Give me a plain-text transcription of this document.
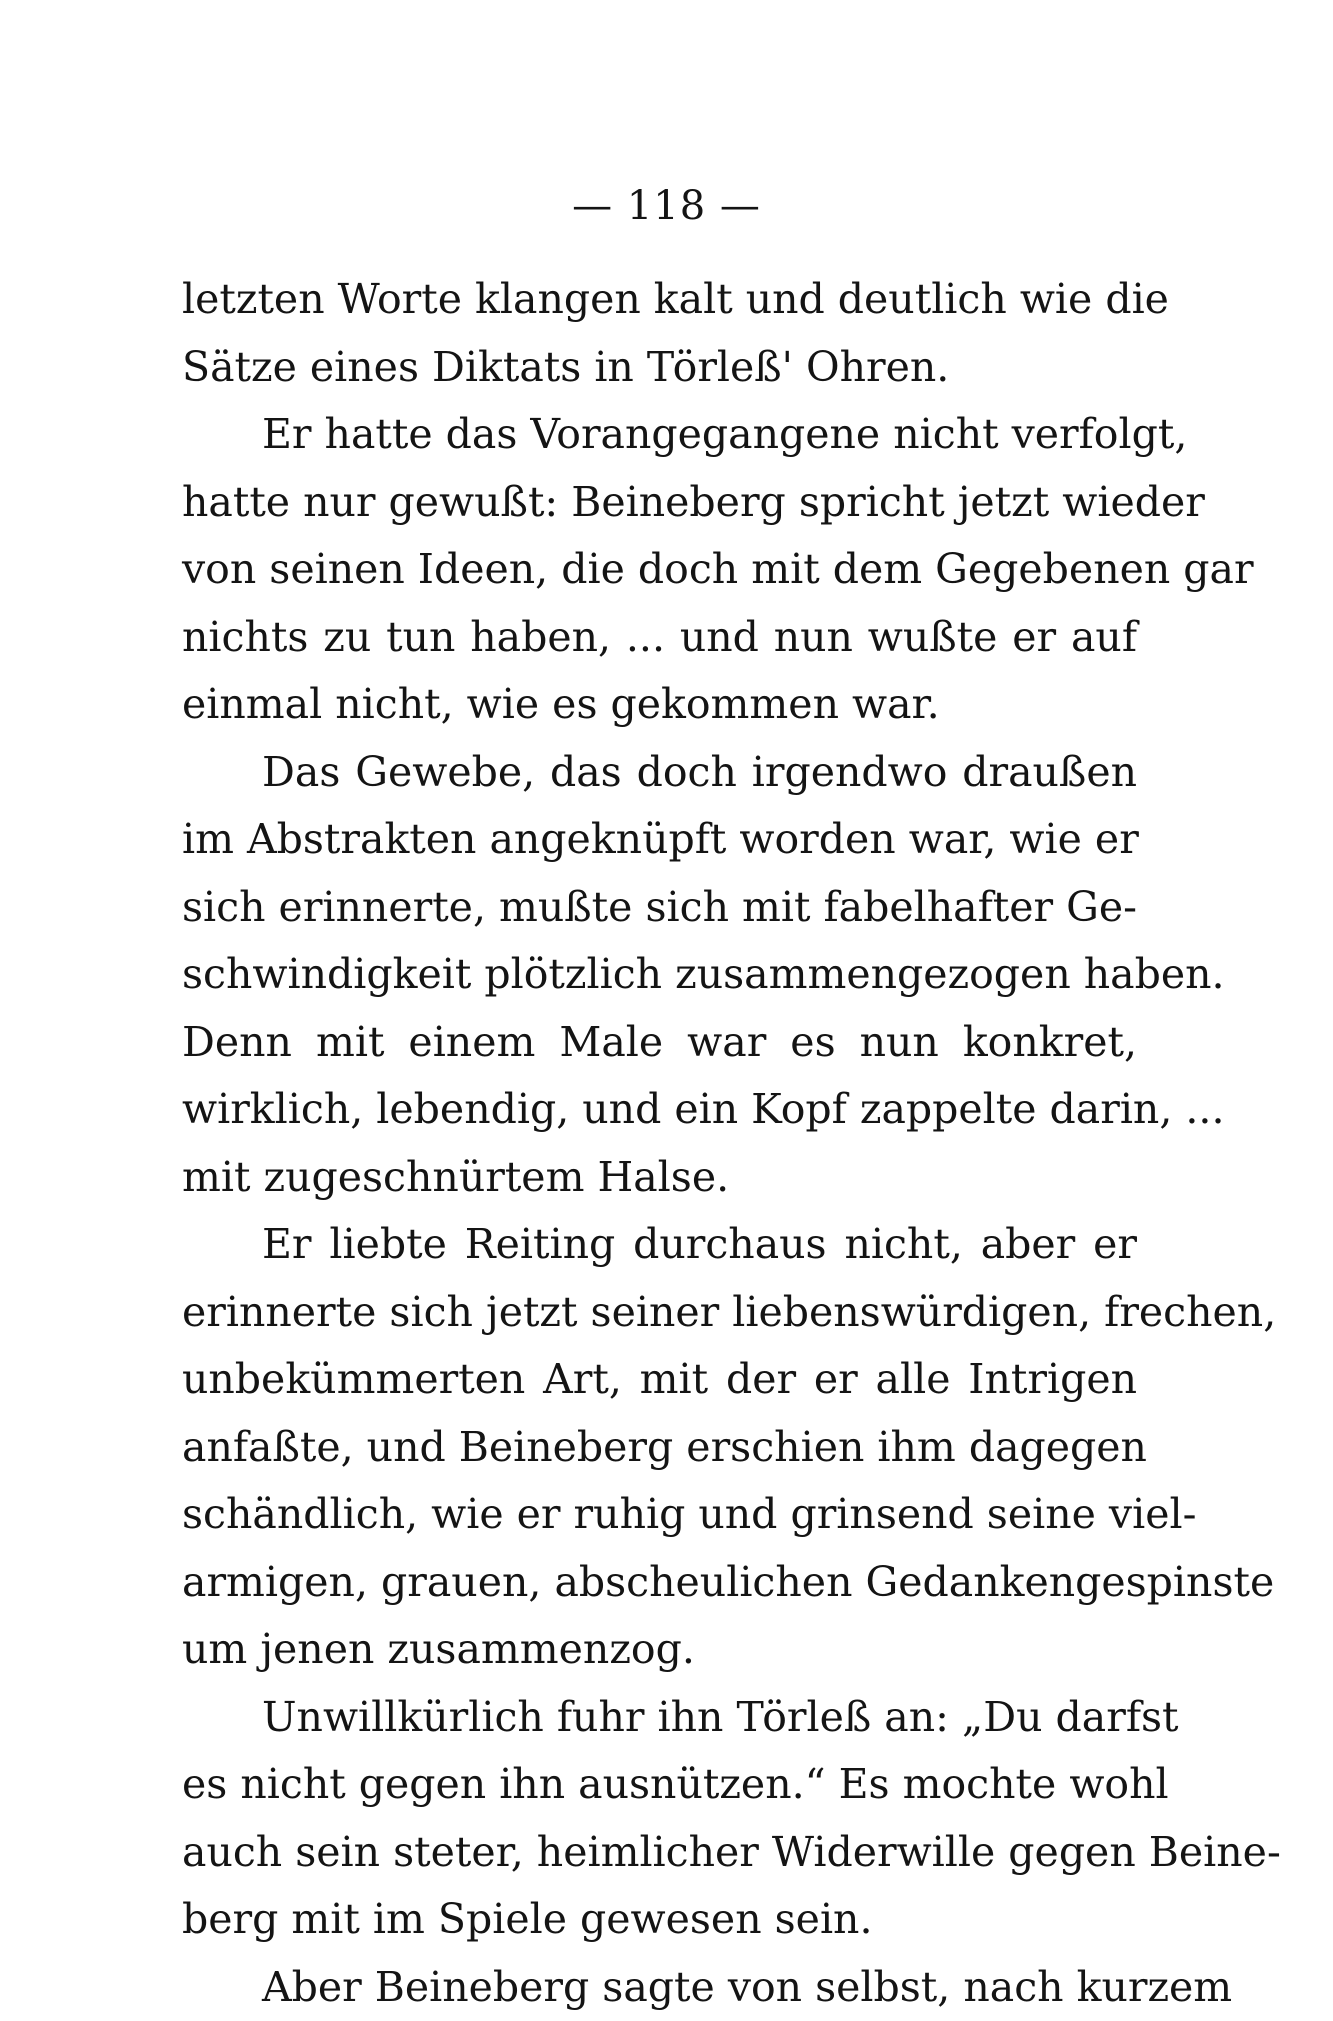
— 118 —
letzten Worte klangen kalt und deutlich wie die
Sätze eines Diktats in Törleß' Ohren.
Er hatte das Vorangegangene nicht verfolgt,
hatte nur gewußt: Beineberg spricht jetzt wieder
von seinen Ideen, die doch mit dem Gegebenen gar
nichts zu tun haben, ... und nun wußte er auf
einmal nicht, wie es gekommen war.
Das Gewebe, das doch irgendwo draußen
im Abstrakten angeknüpft worden war, wie er
sich erinnerte, mußte sich mit fabelhafter Ge-
schwindigkeit plötzlich zusammengezogen haben.
Denn mit einem Male war es nun konkret,
wirklich, lebendig, und ein Kopf zappelte darin, ...
mit zugeschnürtem Halse.
Er liebte Reiting durchaus nicht, aber er
erinnerte sich jetzt seiner liebenswürdigen, frechen,
unbekümmerten Art, mit der er alle Intrigen
anfaßte, und Beineberg erschien ihm dagegen
schändlich, wie er ruhig und grinsend seine viel-
armigen, grauen, abscheulichen Gedankengespinste
um jenen zusammenzog.
Unwillkürlich fuhr ihn Törleß an: „Du darfst
es nicht gegen ihn ausnützen.“ Es mochte wohl
auch sein steter, heimlicher Widerwille gegen Beine-
berg mit im Spiele gewesen sein.
Aber Beineberg sagte von selbst, nach kurzem
